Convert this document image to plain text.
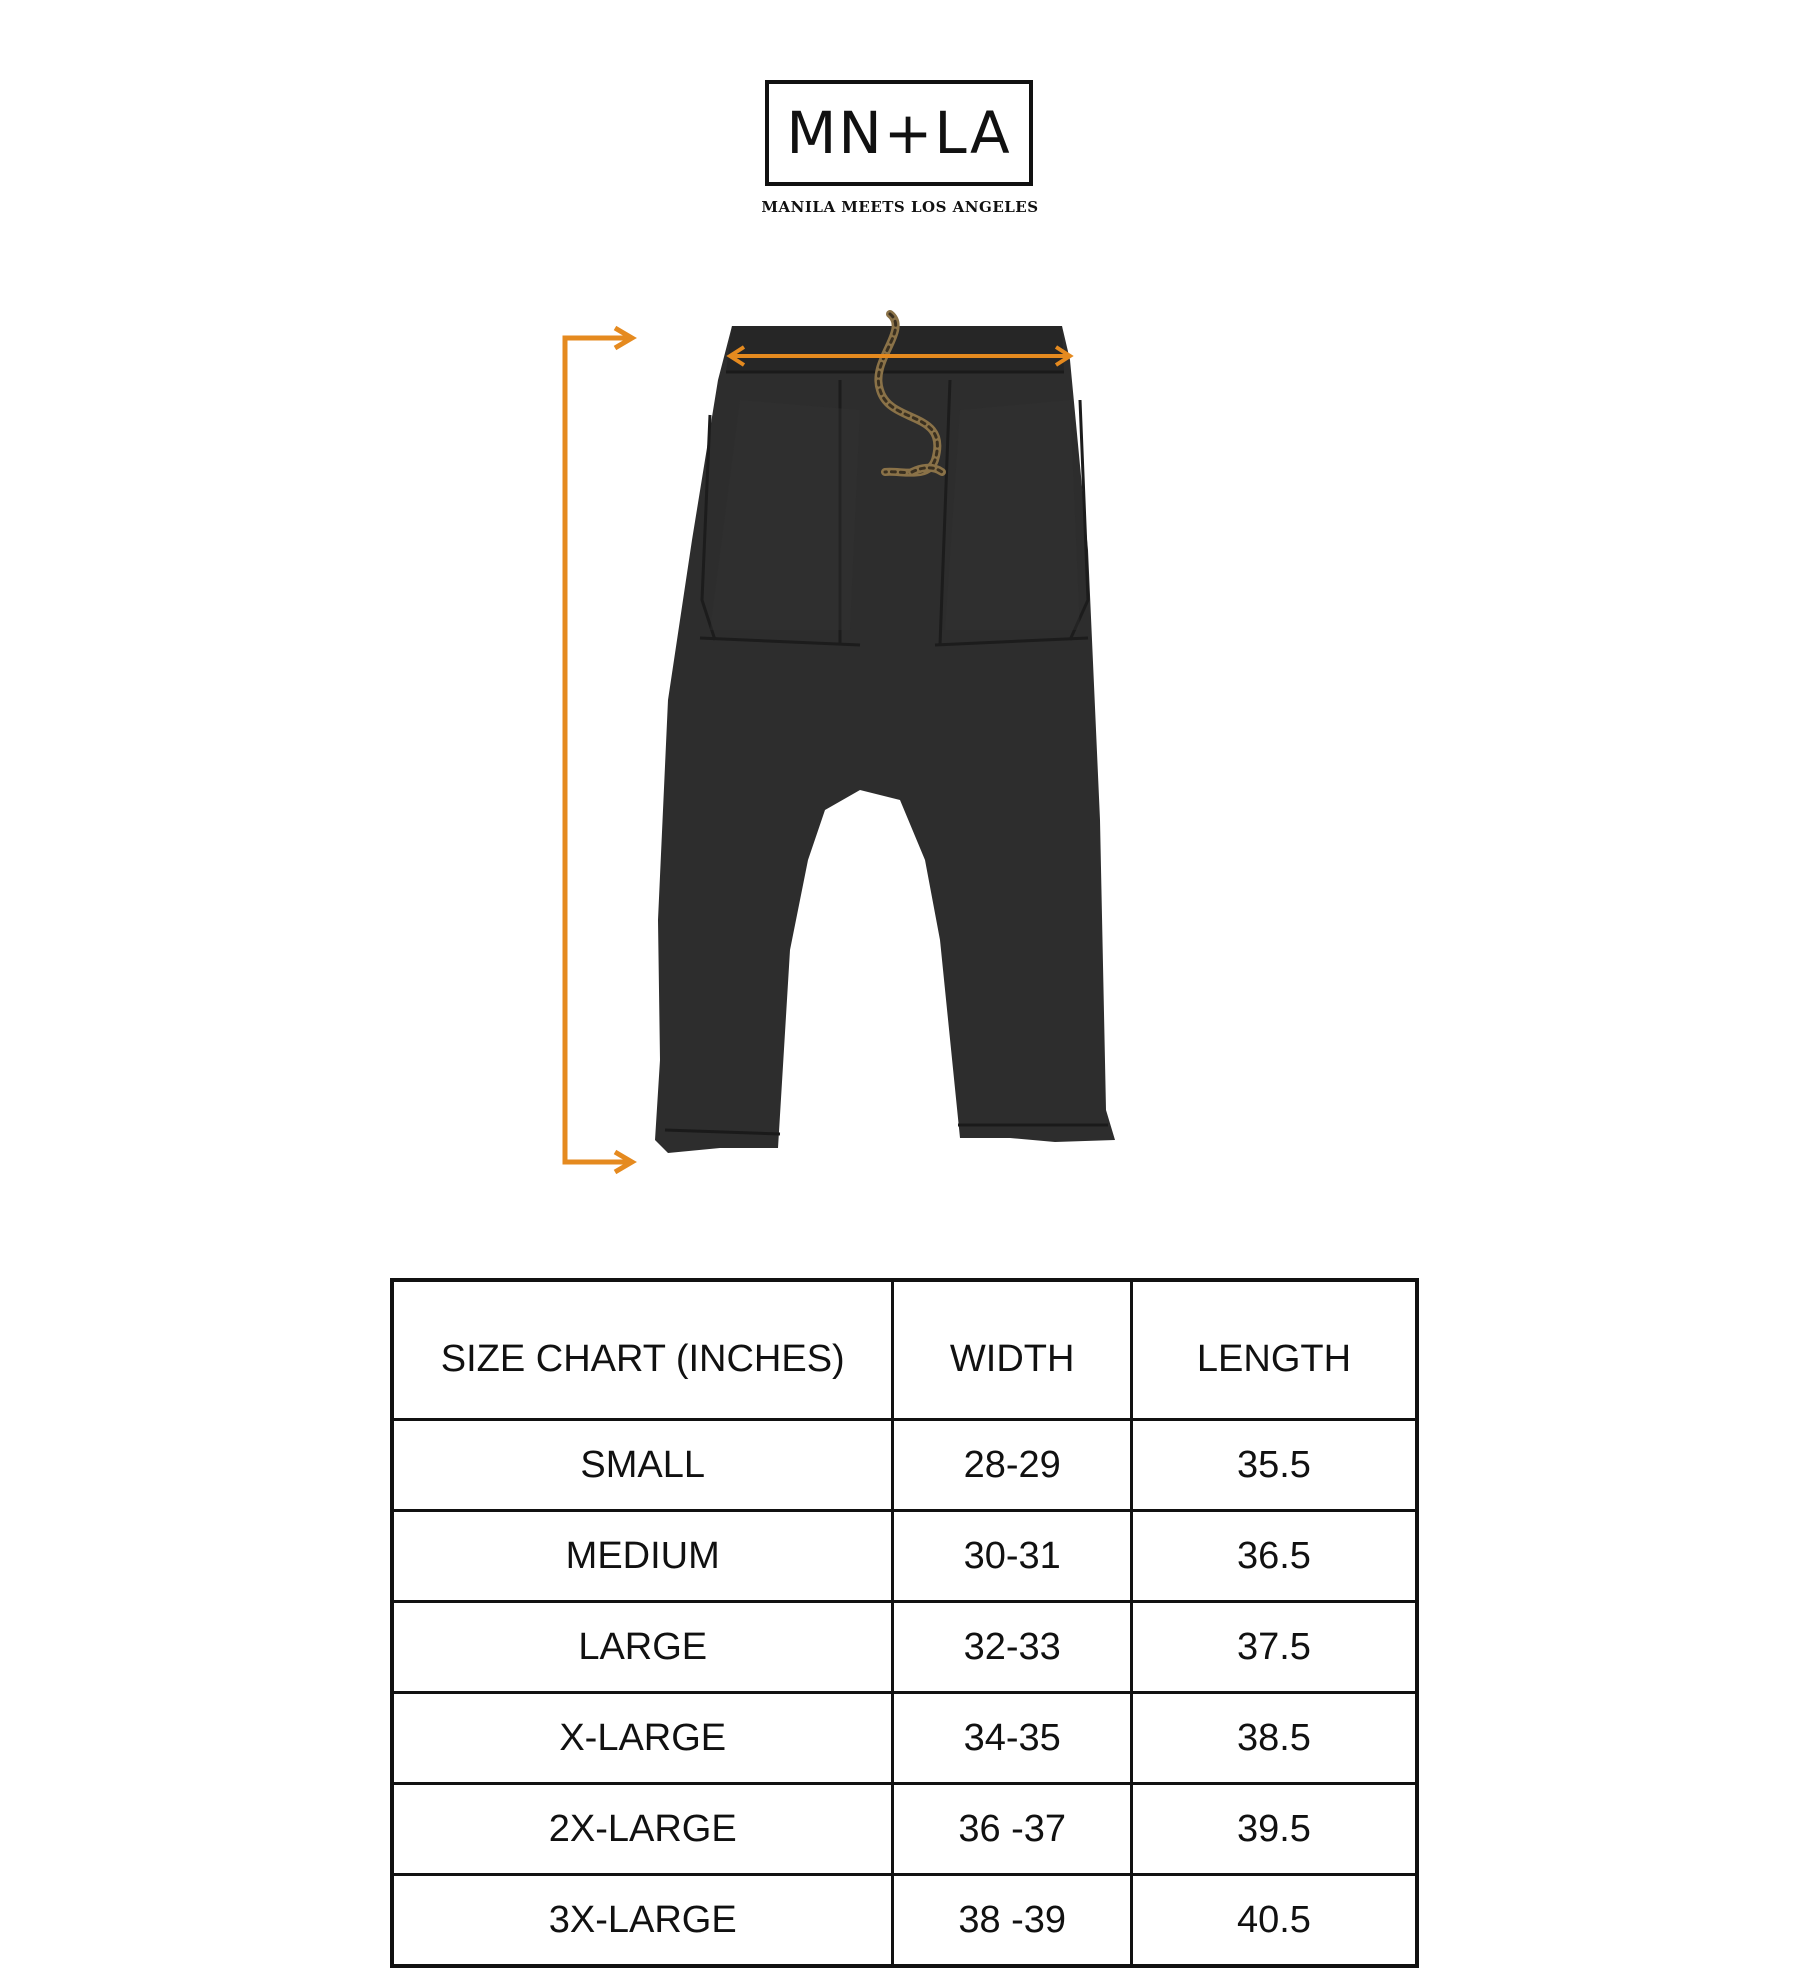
MN+LA
MANILA MEETS LOS ANGELES
SIZE CHART (INCHES)	WIDTH	LENGTH
SMALL	28-29	35.5
MEDIUM	30-31	36.5
LARGE	32-33	37.5
X-LARGE	34-35	38.5
2X-LARGE	36 -37	39.5
3X-LARGE	38 -39	40.5
